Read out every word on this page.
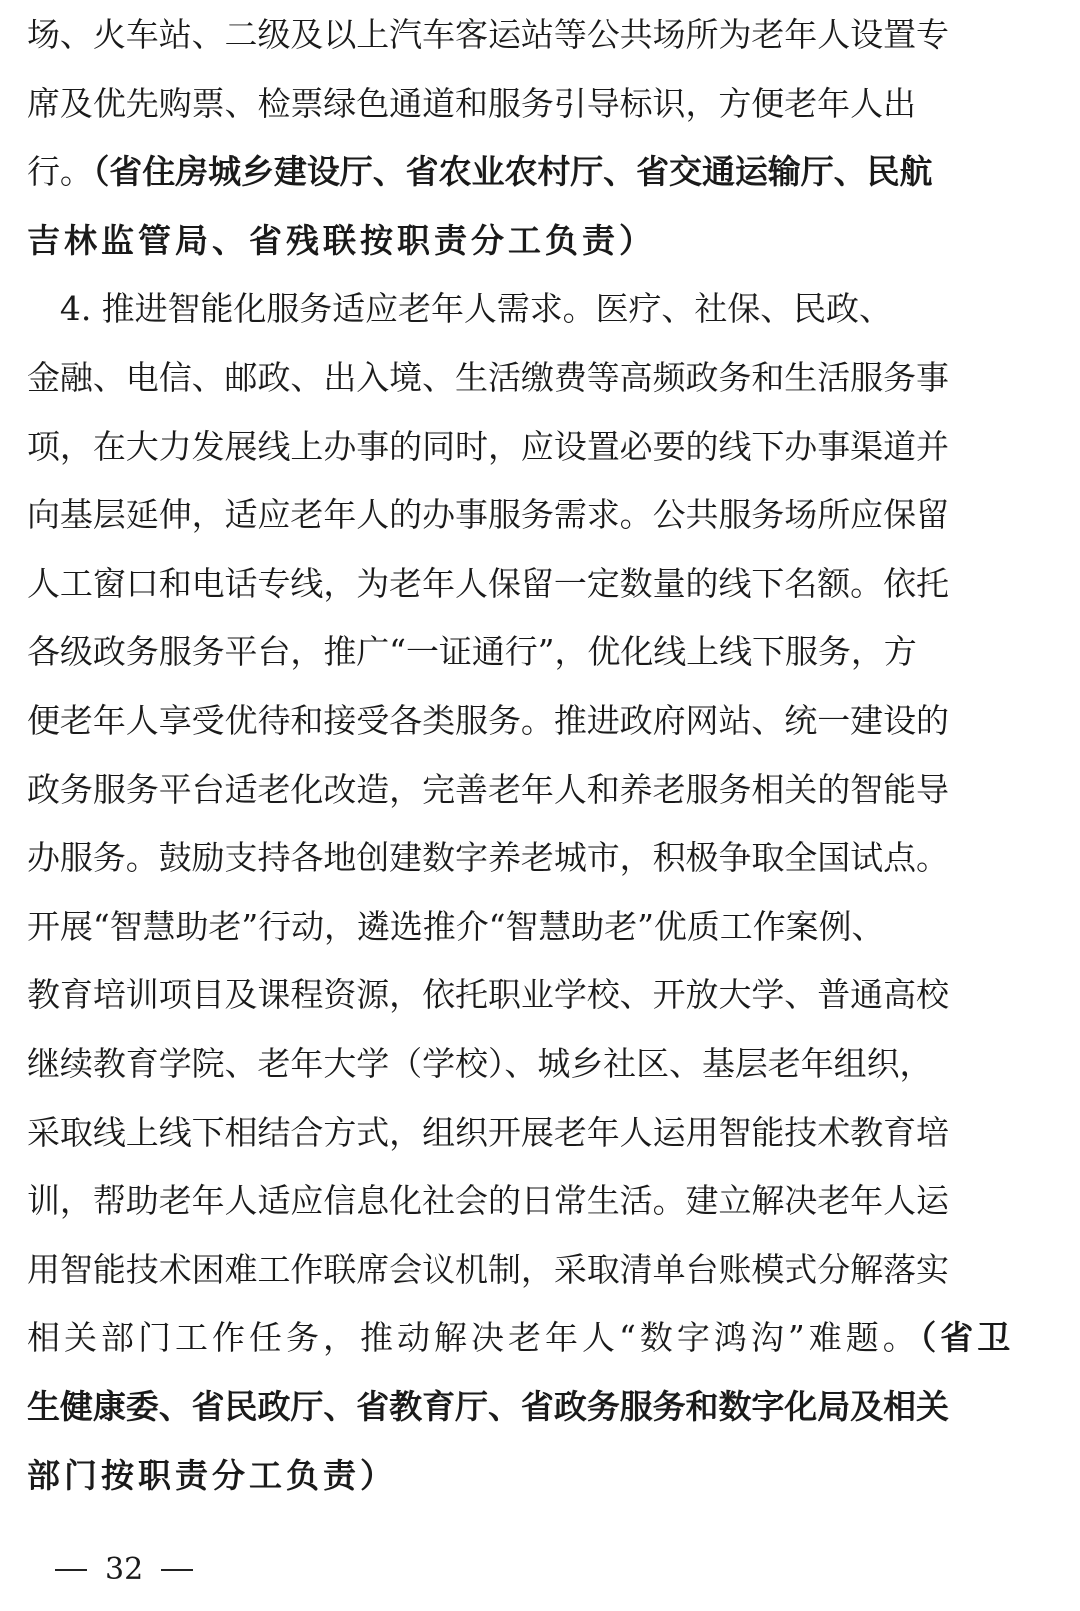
场、火车站、二级及以上汽车客运站等公共场所为老年人设置专
席及优先购票、检票绿色通道和服务引导标识，方便老年人出
行。（省住房城乡建设厅、省农业农村厅、省交通运输厅、民航
吉林监管局、省残联按职责分工负责）
　4. 推进智能化服务适应老年人需求。医疗、社保、民政、
金融、电信、邮政、出入境、生活缴费等高频政务和生活服务事
项，在大力发展线上办事的同时，应设置必要的线下办事渠道并
向基层延伸，适应老年人的办事服务需求。公共服务场所应保留
人工窗口和电话专线，为老年人保留一定数量的线下名额。依托
各级政务服务平台，推广“一证通行”，优化线上线下服务，方
便老年人享受优待和接受各类服务。推进政府网站、统一建设的
政务服务平台适老化改造，完善老年人和养老服务相关的智能导
办服务。鼓励支持各地创建数字养老城市，积极争取全国试点。
开展“智慧助老”行动，遴选推介“智慧助老”优质工作案例、
教育培训项目及课程资源，依托职业学校、开放大学、普通高校
继续教育学院、老年大学（学校）、城乡社区、基层老年组织，
采取线上线下相结合方式，组织开展老年人运用智能技术教育培
训，帮助老年人适应信息化社会的日常生活。建立解决老年人运
用智能技术困难工作联席会议机制，采取清单台账模式分解落实
相关部门工作任务，推动解决老年人“数字鸿沟”难题。（省卫
生健康委、省民政厅、省教育厅、省政务服务和数字化局及相关
部门按职责分工负责）
32
